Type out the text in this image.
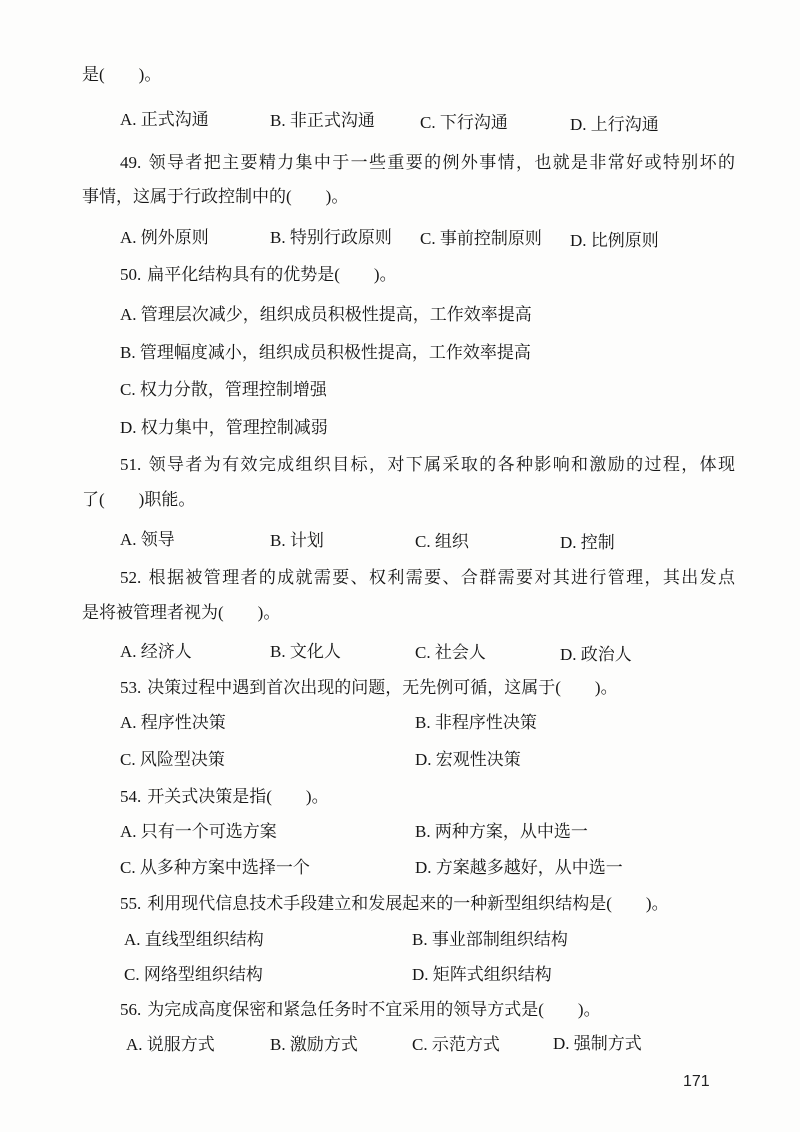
是(　　)。
A. 正式沟通	B. 非正式沟通	C. 下行沟通	D. 上行沟通
49. 领导者把主要精力集中于一些重要的例外事情，也就是非常好或特别坏的
事情，这属于行政控制中的(　　)。
A. 例外原则	B. 特别行政原则 C. 事前控制原则 D. 比例原则
50. 扁平化结构具有的优势是(　　)。
A. 管理层次减少，组织成员积极性提高，工作效率提高
B. 管理幅度减小，组织成员积极性提高，工作效率提高
C. 权力分散，管理控制增强
D. 权力集中，管理控制减弱
51. 领导者为有效完成组织目标，对下属采取的各种影响和激励的过程，体现
了(　　)职能。
A. 领导	B. 计划	C. 组织	D. 控制
52. 根据被管理者的成就需要、权利需要、合群需要对其进行管理，其出发点
是将被管理者视为(　　)。
A. 经济人	B. 文化人	C. 社会人	D. 政治人
53. 决策过程中遇到首次出现的问题，无先例可循，这属于(　　)。
A. 程序性决策	B. 非程序性决策
C. 风险型决策	D. 宏观性决策
54. 开关式决策是指(　　)。
A. 只有一个可选方案	B. 两种方案，从中选一
C. 从多种方案中选择一个	D. 方案越多越好，从中选一
55. 利用现代信息技术手段建立和发展起来的一种新型组织结构是(　　)。
A. 直线型组织结构	B. 事业部制组织结构
C. 网络型组织结构	D. 矩阵式组织结构
56. 为完成高度保密和紧急任务时不宜采用的领导方式是(　　)。
A. 说服方式	B. 激励方式	C. 示范方式	D. 强制方式
171
